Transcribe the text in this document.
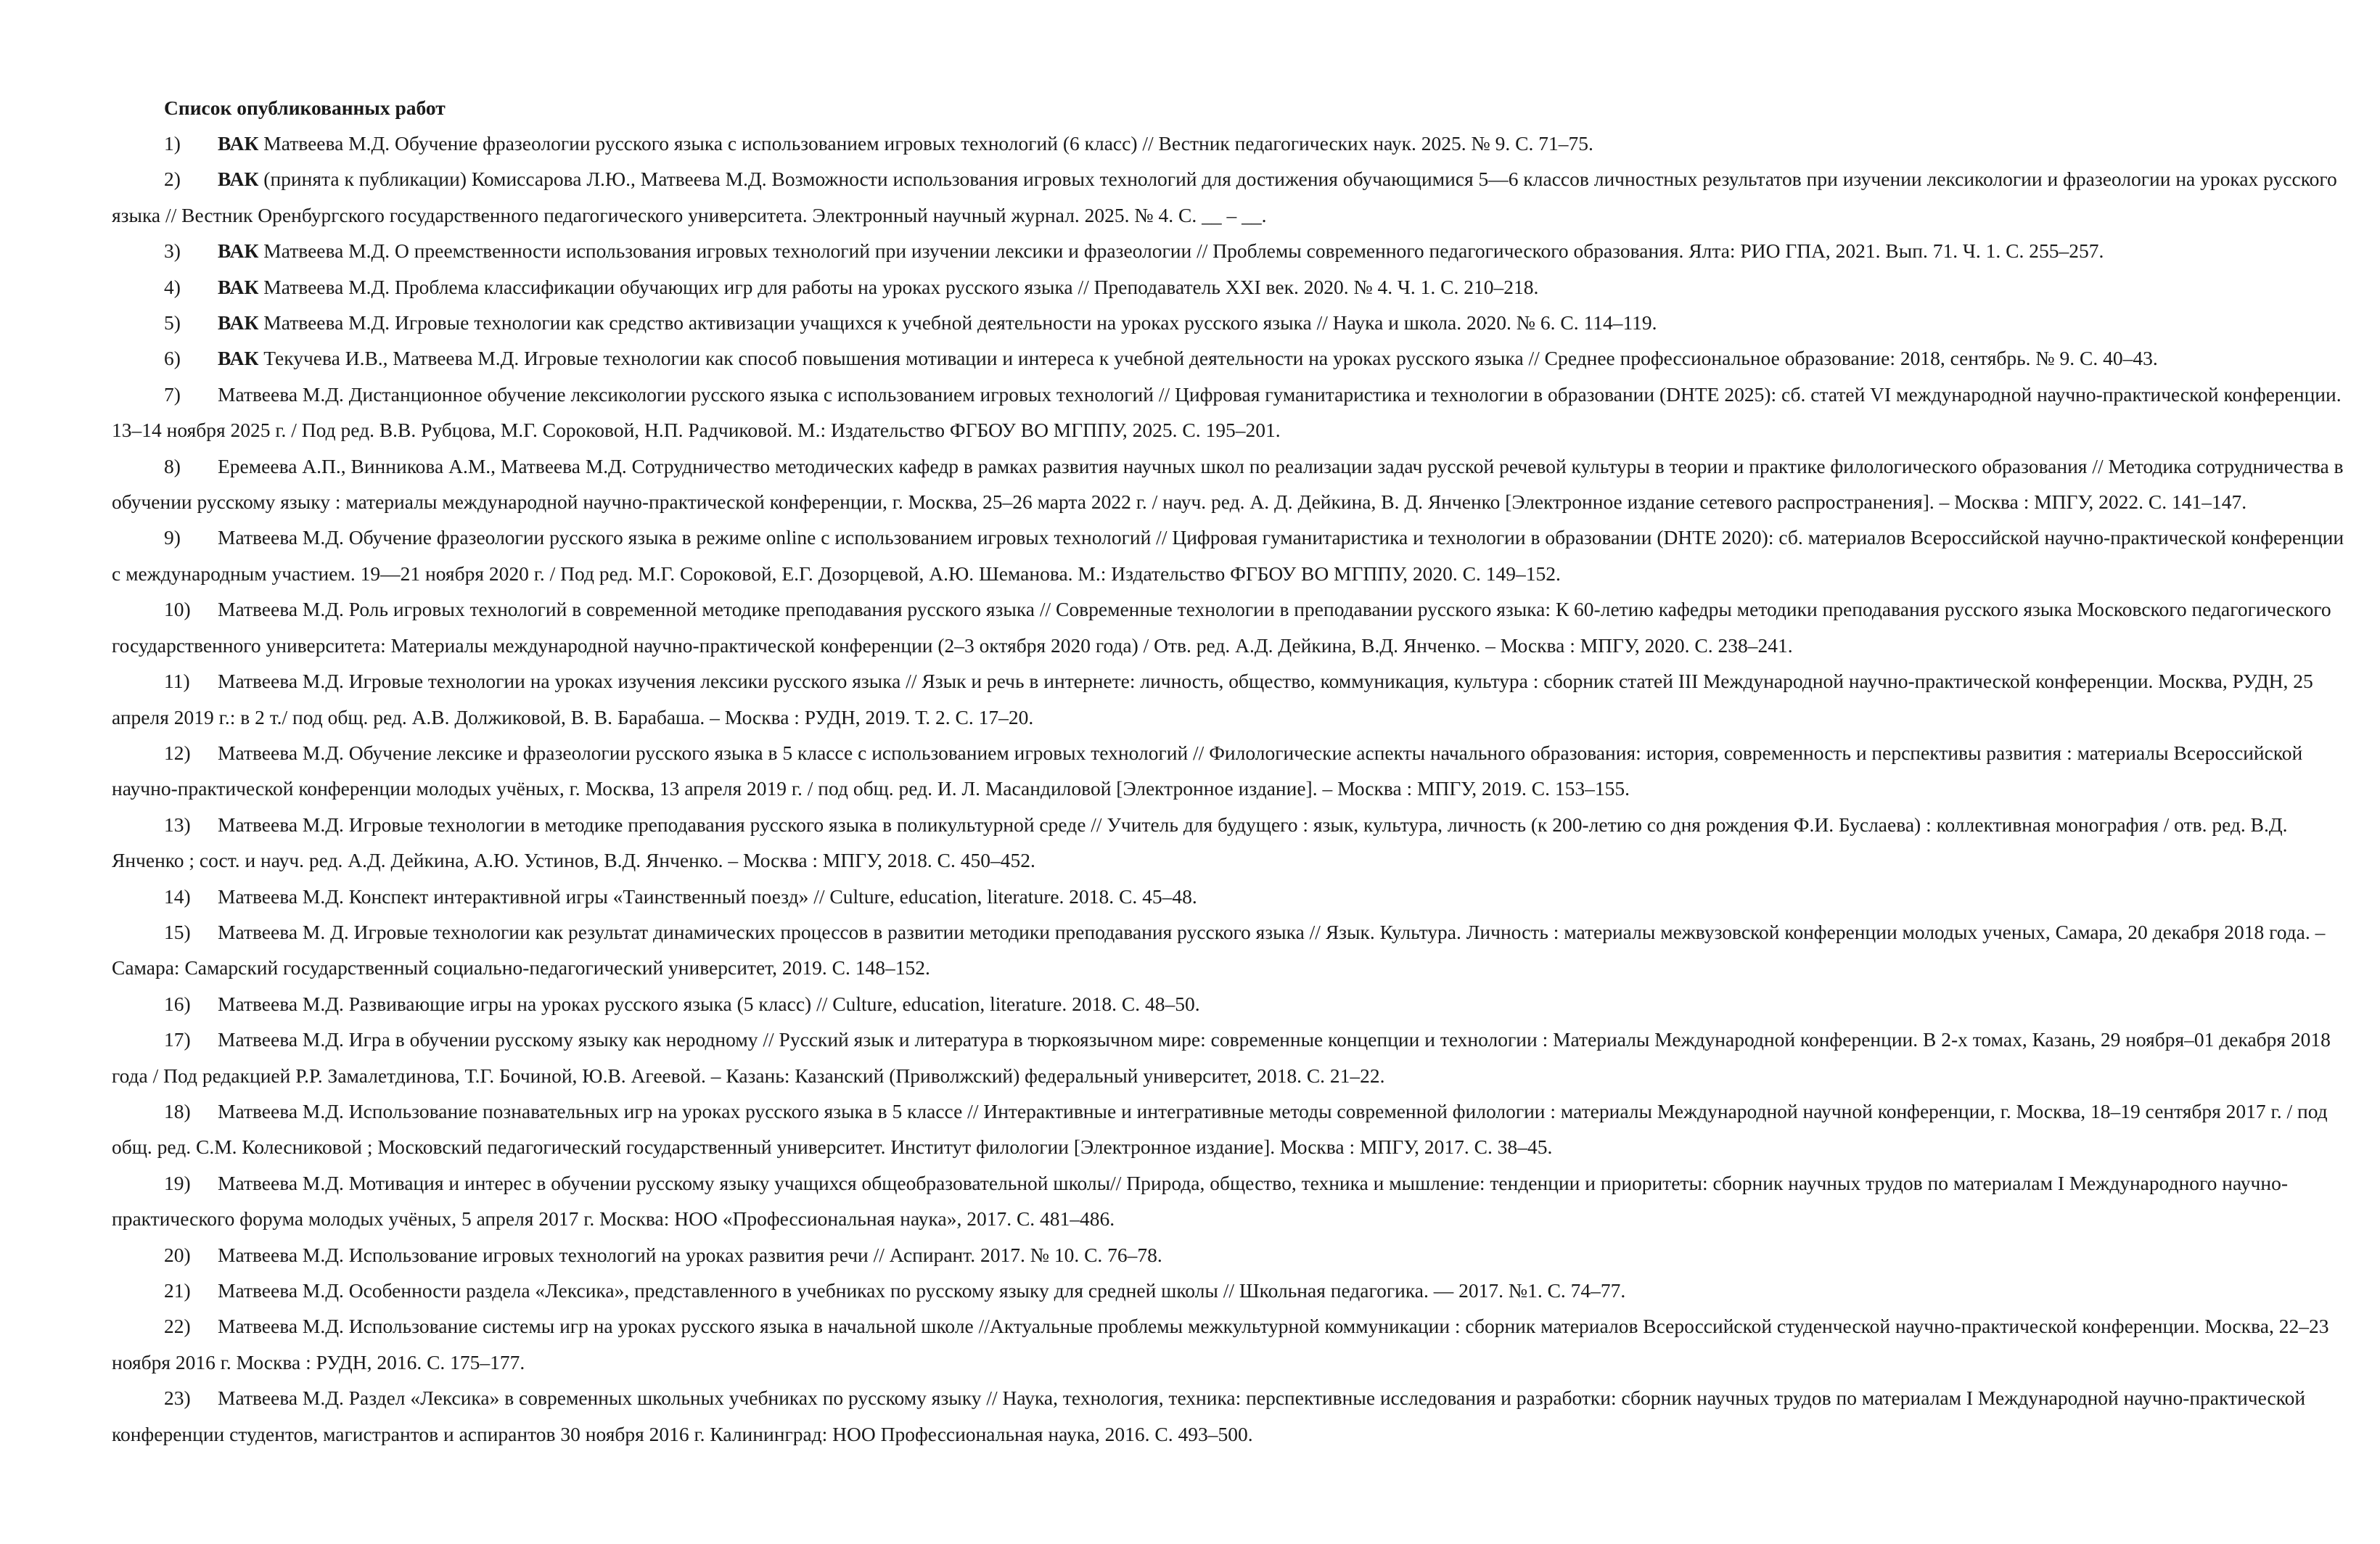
Список опубликованных работ
1) ВАК Матвеева М.Д. Обучение фразеологии русского языка с использованием игровых технологий (6 класс) // Вестник педагогических наук. 2025. № 9. С. 71–75.
2) ВАК (принята к публикации) Комиссарова Л.Ю., Матвеева М.Д. Возможности использования игровых технологий для достижения обучающимися 5—6 классов личностных результатов при изучении лексикологии и фразеологии на уроках русского языка // Вестник Оренбургского государственного педагогического университета. Электронный научный журнал. 2025. № 4. С. __ – __.
3) ВАК Матвеева М.Д. О преемственности использования игровых технологий при изучении лексики и фразеологии // Проблемы современного педагогического образования. Ялта: РИО ГПА, 2021. Вып. 71. Ч. 1. С. 255–257.
4) ВАК Матвеева М.Д. Проблема классификации обучающих игр для работы на уроках русского языка // Преподаватель XXI век. 2020. № 4. Ч. 1. С. 210–218.
5) ВАК Матвеева М.Д. Игровые технологии как средство активизации учащихся к учебной деятельности на уроках русского языка // Наука и школа. 2020. № 6. С. 114–119.
6) ВАК Текучева И.В., Матвеева М.Д. Игровые технологии как способ повышения мотивации и интереса к учебной деятельности на уроках русского языка // Среднее профессиональное образование: 2018, сентябрь. № 9. С. 40–43.
7) Матвеева М.Д. Дистанционное обучение лексикологии русского языка с использованием игровых технологий // Цифровая гуманитаристика и технологии в образовании (DHTE 2025): сб. статей VI международной научно-практической конференции. 13–14 ноября 2025 г. / Под ред. В.В. Рубцова, М.Г. Сороковой, Н.П. Радчиковой. М.: Издательство ФГБОУ ВО МГППУ, 2025. С. 195–201.
8) Еремеева А.П., Винникова А.М., Матвеева М.Д. Сотрудничество методических кафедр в рамках развития научных школ по реализации задач русской речевой культуры в теории и практике филологического образования // Методика сотрудничества в обучении русскому языку : материалы международной научно-практической конференции, г. Москва, 25–26 марта 2022 г. / науч. ред. А. Д. Дейкина, В. Д. Янченко [Электронное издание сетевого распространения]. – Москва : МПГУ, 2022. С. 141–147.
9) Матвеева М.Д. Обучение фразеологии русского языка в режиме online с использованием игровых технологий // Цифровая гуманитаристика и технологии в образовании (DHTE 2020): сб. материалов Всероссийской научно-практической конференции с международным участием. 19—21 ноября 2020 г. / Под ред. М.Г. Сороковой, Е.Г. Дозорцевой, А.Ю. Шеманова. М.: Издательство ФГБОУ ВО МГППУ, 2020. С. 149–152.
10) Матвеева М.Д. Роль игровых технологий в современной методике преподавания русского языка // Современные технологии в преподавании русского языка: К 60-летию кафедры методики преподавания русского языка Московского педагогического государственного университета: Материалы международной научно-практической конференции (2–3 октября 2020 года) / Отв. ред. А.Д. Дейкина, В.Д. Янченко. – Москва : МПГУ, 2020. С. 238–241.
11) Матвеева М.Д. Игровые технологии на уроках изучения лексики русского языка // Язык и речь в интернете: личность, общество, коммуникация, культура : сборник статей III Международной научно-практической конференции. Москва, РУДН, 25 апреля 2019 г.: в 2 т./ под общ. ред. А.В. Должиковой, В. В. Барабаша. – Москва : РУДН, 2019. Т. 2. С. 17–20.
12) Матвеева М.Д. Обучение лексике и фразеологии русского языка в 5 классе с использованием игровых технологий // Филологические аспекты начального образования: история, современность и перспективы развития : материалы Всероссийской научно-практической конференции молодых учёных, г. Москва, 13 апреля 2019 г. / под общ. ред. И. Л. Масандиловой [Электронное издание]. – Москва : МПГУ, 2019. С. 153–155.
13) Матвеева М.Д. Игровые технологии в методике преподавания русского языка в поликультурной среде // Учитель для будущего : язык, культура, личность (к 200-летию со дня рождения Ф.И. Буслаева) : коллективная монография / отв. ред. В.Д. Янченко ; сост. и науч. ред. А.Д. Дейкина, А.Ю. Устинов, В.Д. Янченко. – Москва : МПГУ, 2018. С. 450–452.
14) Матвеева М.Д. Конспект интерактивной игры «Таинственный поезд» // Culture, education, literature. 2018. С. 45–48.
15) Матвеева М. Д. Игровые технологии как результат динамических процессов в развитии методики преподавания русского языка // Язык. Культура. Личность : материалы межвузовской конференции молодых ученых, Самара, 20 декабря 2018 года. – Самара: Самарский государственный социально-педагогический университет, 2019. С. 148–152.
16) Матвеева М.Д. Развивающие игры на уроках русского языка (5 класс) // Culture, education, literature. 2018. С. 48–50.
17) Матвеева М.Д. Игра в обучении русскому языку как неродному // Русский язык и литература в тюркоязычном мире: современные концепции и технологии : Материалы Международной конференции. В 2-х томах, Казань, 29 ноября–01 декабря 2018 года / Под редакцией Р.Р. Замалетдинова, Т.Г. Бочиной, Ю.В. Агеевой. – Казань: Казанский (Приволжский) федеральный университет, 2018. С. 21–22.
18) Матвеева М.Д. Использование познавательных игр на уроках русского языка в 5 классе // Интерактивные и интегративные методы современной филологии : материалы Международной научной конференции, г. Москва, 18–19 сентября 2017 г. / под общ. ред. С.М. Колесниковой ; Московский педагогический государственный университет. Институт филологии [Электронное издание]. Москва : МПГУ, 2017. С. 38–45.
19) Матвеева М.Д. Мотивация и интерес в обучении русскому языку учащихся общеобразовательной школы// Природа, общество, техника и мышление: тенденции и приоритеты: сборник научных трудов по материалам I Международного научно-практического форума молодых учёных, 5 апреля 2017 г. Москва: НОО «Профессиональная наука», 2017. С. 481–486.
20) Матвеева М.Д. Использование игровых технологий на уроках развития речи // Аспирант. 2017. № 10. С. 76–78.
21) Матвеева М.Д. Особенности раздела «Лексика», представленного в учебниках по русскому языку для средней школы // Школьная педагогика. — 2017. №1. С. 74–77.
22) Матвеева М.Д. Использование системы игр на уроках русского языка в начальной школе //Актуальные проблемы межкультурной коммуникации : сборник материалов Всероссийской студенческой научно-практической конференции. Москва, 22–23 ноября 2016 г. Москва : РУДН, 2016. С. 175–177.
23) Матвеева М.Д. Раздел «Лексика» в современных школьных учебниках по русскому языку // Наука, технология, техника: перспективные исследования и разработки: сборник научных трудов по материалам I Международной научно-практической конференции студентов, магистрантов и аспирантов 30 ноября 2016 г. Калининград: НОО Профессиональная наука, 2016. С. 493–500.
